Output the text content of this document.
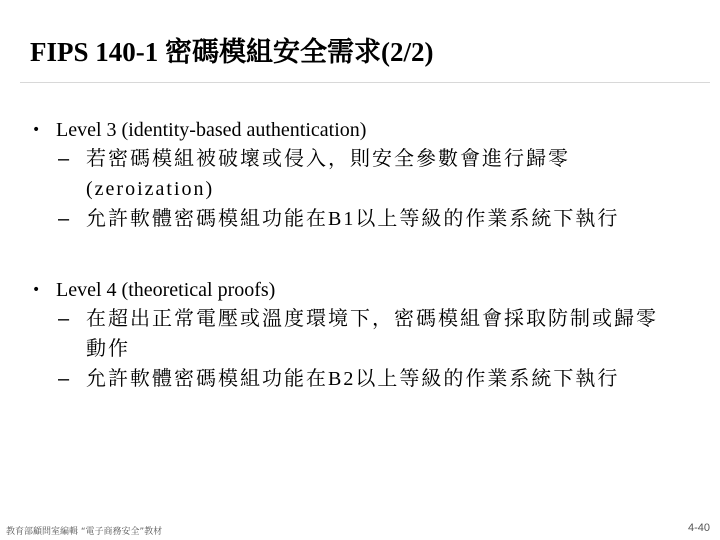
FIPS 140-1 密碼模組安全需求(2/2)
• Level 3 (identity-based authentication)
– 若密碼模組被破壞或侵入，則安全參數會進行歸零(zeroization)
– 允許軟體密碼模組功能在B1以上等級的作業系統下執行
• Level 4 (theoretical proofs)
– 在超出正常電壓或溫度環境下，密碼模組會採取防制或歸零動作
– 允許軟體密碼模組功能在B2以上等級的作業系統下執行
教育部顧問室編輯 “電子商務安全”教材	4-40
